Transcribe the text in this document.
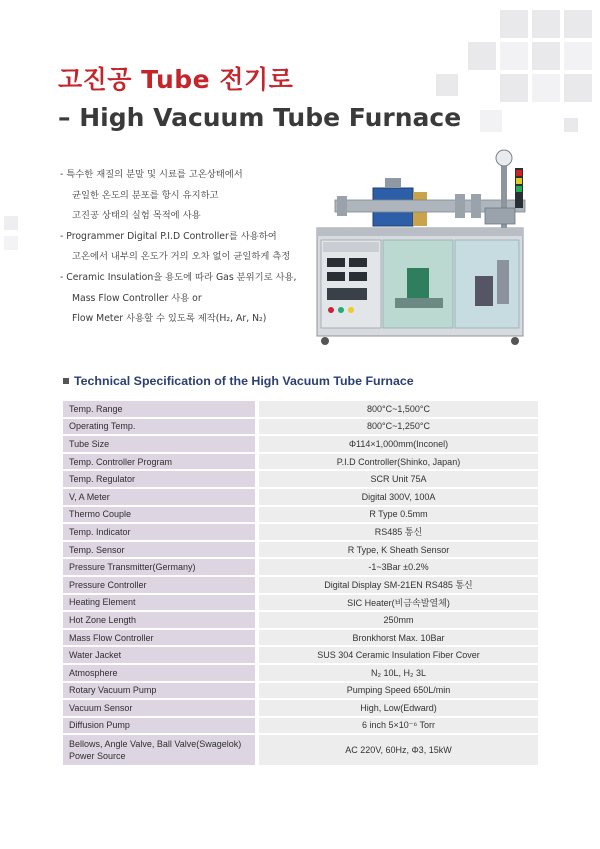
고진공 Tube 전기로
– High Vacuum Tube Furnace
- 특수한 재질의 분말 및 시료를 고온상태에서
균일한 온도의 분포를 항시 유지하고
고진공 상태의 실험 목적에 사용
- Programmer Digital P.I.D Controller를 사용하여
고온에서 내부의 온도가 거의 오차 없이 균일하게 측정
- Ceramic Insulation을 용도에 따라 Gas 분위기로 사용,
Mass Flow Controller 사용 or
Flow Meter 사용할 수 있도록 제작(H₂, Ar, N₂)
Technical Specification of the High Vacuum Tube Furnace
Temp. Range	800°C~1,500°C
Operating Temp.	800°C~1,250°C
Tube Size	Φ114×1,000mm(Inconel)
Temp. Controller Program	P.I.D Controller(Shinko, Japan)
Temp. Regulator	SCR Unit 75A
V, A Meter	Digital 300V, 100A
Thermo Couple	R Type 0.5mm
Temp. Indicator	RS485 통신
Temp. Sensor	R Type, K Sheath Sensor
Pressure Transmitter(Germany)	-1~3Bar ±0.2%
Pressure Controller	Digital Display SM-21EN RS485 통신
Heating Element	SIC Heater(비금속발열체)
Hot Zone Length	250mm
Mass Flow Controller	Bronkhorst Max. 10Bar
Water Jacket	SUS 304 Ceramic Insulation Fiber Cover
Atmosphere	N₂ 10L, H₂ 3L
Rotary Vacuum Pump	Pumping Speed 650L/min
Vacuum Sensor	High, Low(Edward)
Diffusion Pump	6 inch 5×10⁻⁶ Torr

Bellows, Angle Valve, Ball Valve(Swagelok)
Power Source	AC 220V, 60Hz, Φ3, 15kW
